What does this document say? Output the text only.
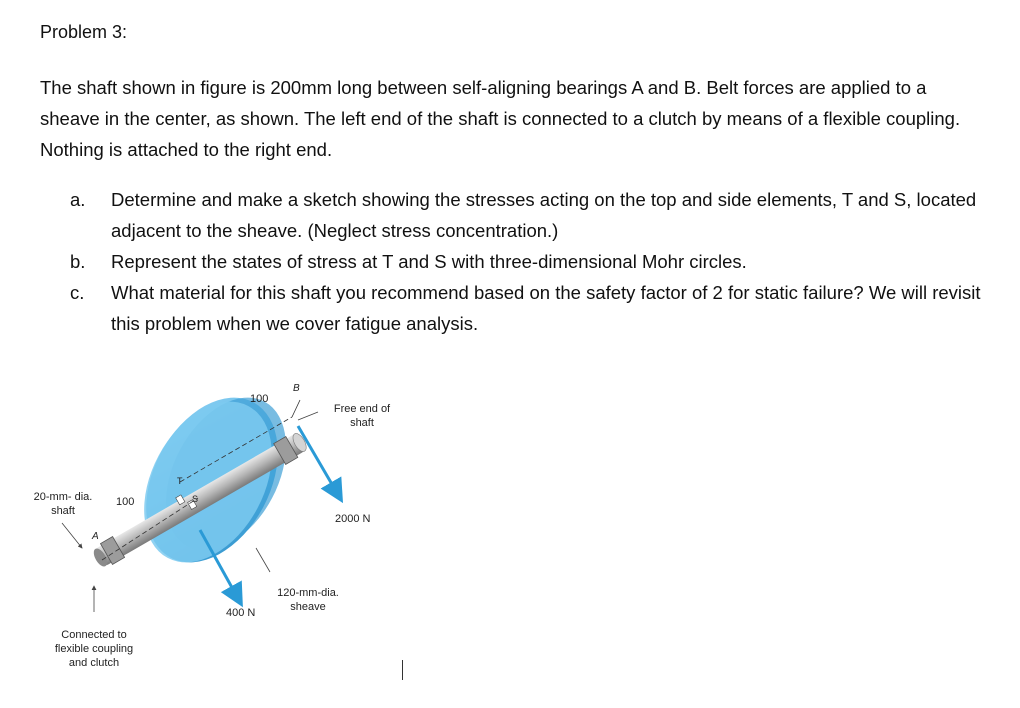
Problem 3:
The shaft shown in figure is 200mm long between self-aligning bearings A and B. Belt forces are applied to a sheave in the center, as shown. The left end of the shaft is connected to a clutch by means of a flexible coupling. Nothing is attached to the right end.
a.	Determine and make a sketch showing the stresses acting on the top and side elements, T and S, located adjacent to the sheave. (Neglect stress concentration.)
b.	Represent the states of stress at T and S with three-dimensional Mohr circles.
c.	What material for this shaft you recommend based on the safety factor of 2 for static failure? We will revisit this problem when we cover fatigue analysis.
100
100
B
A
T
S
Free end of shaft
2000 N
400 N
20-mm- dia. shaft
120-mm-dia. sheave
Connected to flexible coupling and clutch
